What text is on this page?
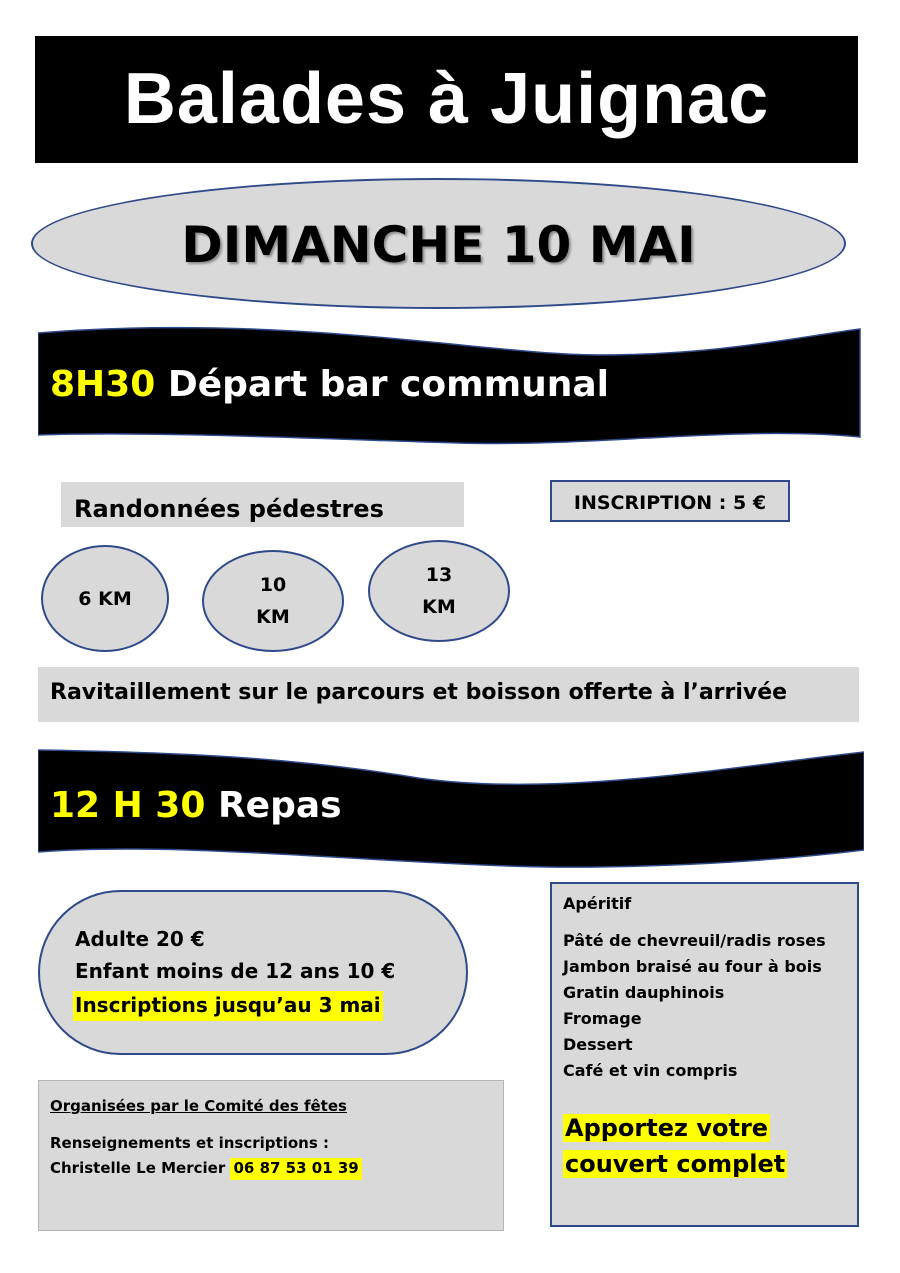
Balades à Juignac
DIMANCHE 10 MAI
8H30 Départ bar communal
Randonnées pédestres	INSCRIPTION : 5 €
6 KM
10
KM
13
KM
Ravitaillement sur le parcours et boisson offerte à l’arrivée
12 H 30 Repas
Adulte 20 €
Enfant moins de 12 ans 10 €
Inscriptions jusqu’au 3 mai
Apéritif
Pâté de chevreuil/radis roses
Jambon braisé au four à bois
Gratin dauphinois
Fromage
Dessert
Café et vin compris
Apportez votre
couvert complet
Organisées par le Comité des fêtes
Renseignements et inscriptions :
Christelle Le Mercier 06 87 53 01 39
